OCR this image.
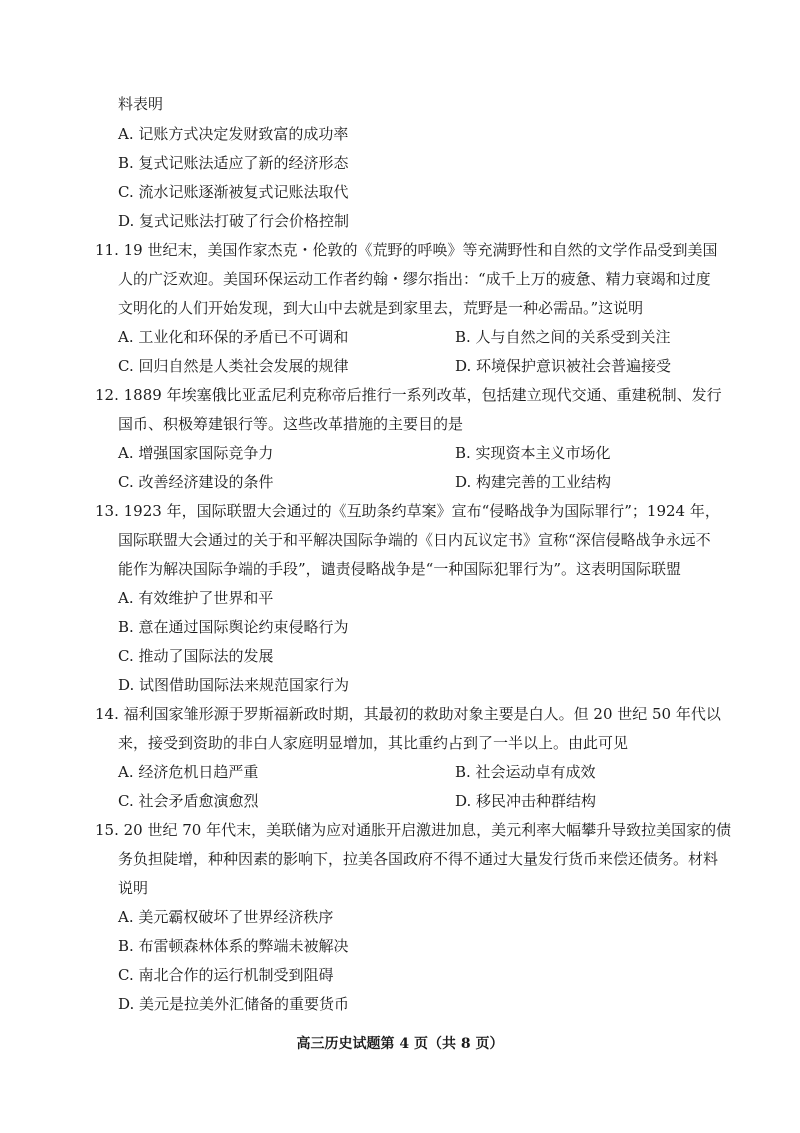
料表明
A. 记账方式决定发财致富的成功率
B. 复式记账法适应了新的经济形态
C. 流水记账逐渐被复式记账法取代
D. 复式记账法打破了行会价格控制
11. 19 世纪末，美国作家杰克・伦敦的《荒野的呼唤》等充满野性和自然的文学作品受到美国
人的广泛欢迎。美国环保运动工作者约翰・缪尔指出：“成千上万的疲惫、精力衰竭和过度
文明化的人们开始发现，到大山中去就是到家里去，荒野是一种必需品。”这说明
A. 工业化和环保的矛盾已不可调和	B. 人与自然之间的关系受到关注
C. 回归自然是人类社会发展的规律	D. 环境保护意识被社会普遍接受
12. 1889 年埃塞俄比亚孟尼利克称帝后推行一系列改革，包括建立现代交通、重建税制、发行
国币、积极筹建银行等。这些改革措施的主要目的是
A. 增强国家国际竞争力	B. 实现资本主义市场化
C. 改善经济建设的条件	D. 构建完善的工业结构
13. 1923 年，国际联盟大会通过的《互助条约草案》宣布“侵略战争为国际罪行”；1924 年，
国际联盟大会通过的关于和平解决国际争端的《日内瓦议定书》宣称“深信侵略战争永远不
能作为解决国际争端的手段”，谴责侵略战争是“一种国际犯罪行为”。这表明国际联盟
A. 有效维护了世界和平
B. 意在通过国际舆论约束侵略行为
C. 推动了国际法的发展
D. 试图借助国际法来规范国家行为
14. 福利国家雏形源于罗斯福新政时期，其最初的救助对象主要是白人。但 20 世纪 50 年代以
来，接受到资助的非白人家庭明显增加，其比重约占到了一半以上。由此可见
A. 经济危机日趋严重	B. 社会运动卓有成效
C. 社会矛盾愈演愈烈	D. 移民冲击种群结构
15. 20 世纪 70 年代末，美联储为应对通胀开启激进加息，美元利率大幅攀升导致拉美国家的债
务负担陡增，种种因素的影响下，拉美各国政府不得不通过大量发行货币来偿还债务。材料
说明
A. 美元霸权破坏了世界经济秩序
B. 布雷顿森林体系的弊端未被解决
C. 南北合作的运行机制受到阻碍
D. 美元是拉美外汇储备的重要货币
高三历史试题第 4 页（共 8 页）
